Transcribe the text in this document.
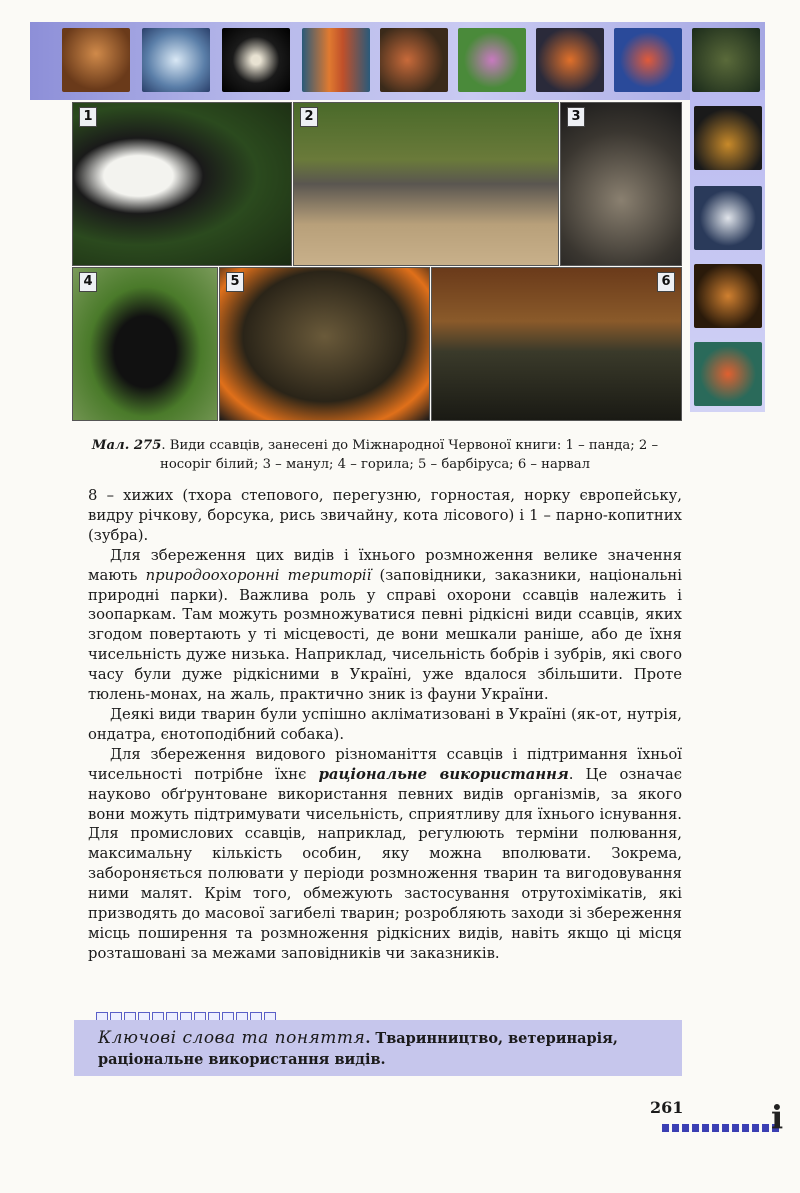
1	2	3
4	5	6
Мал. 275. Види ссавців, занесені до Міжнародної Червоної книги: 1 – панда; 2 – носоріг білий; 3 – манул; 4 – горила; 5 – барбіруса; 6 – нарвал

8 – хижих (тхора степового, перегузню, горностая, норку європейську, видру річкову, борсука, рись звичайну, кота лісового) і 1 – парно-копитних (зубра).

Для збереження цих видів і їхнього розмноження велике значення мають природоохоронні території (заповідники, заказники, національні природні парки). Важлива роль у справі охорони ссавців належить і зоопаркам. Там можуть розмножуватися певні рідкісні види ссавців, яких згодом повертають у ті місцевості, де вони мешкали раніше, або де їхня чисельність дуже низька. Наприклад, чисельність бобрів і зубрів, які свого часу були дуже рідкісними в Україні, уже вдалося збільшити. Проте тюлень-монах, на жаль, практично зник із фауни України.

Деякі види тварин були успішно акліматизовані в Україні (як-от, нутрія, ондатра, єнотоподібний собака).

Для збереження видового різноманіття ссавців і підтримання їхньої чисельності потрібне їхнє раціональне використання. Це означає науково обґрунтоване використання певних видів організмів, за якого вони можуть підтримувати чисельність, сприятливу для їхнього існування. Для промислових ссавців, наприклад, регулюють терміни полювання, максимальну кількість особин, яку можна вполювати. Зокрема, забороняється полювати у періоди розмноження тварин та вигодовування ними малят. Крім того, обмежують застосування отрутохімікатів, які призводять до масової загибелі тварин; розробляють заходи зі збереження місць поширення та розмноження рідкісних видів, навіть якщо ці місця розташовані за межами заповідників чи заказників.

Ключові слова та поняття. Тваринництво, ветеринарія, раціональне використання видів.
261	i
